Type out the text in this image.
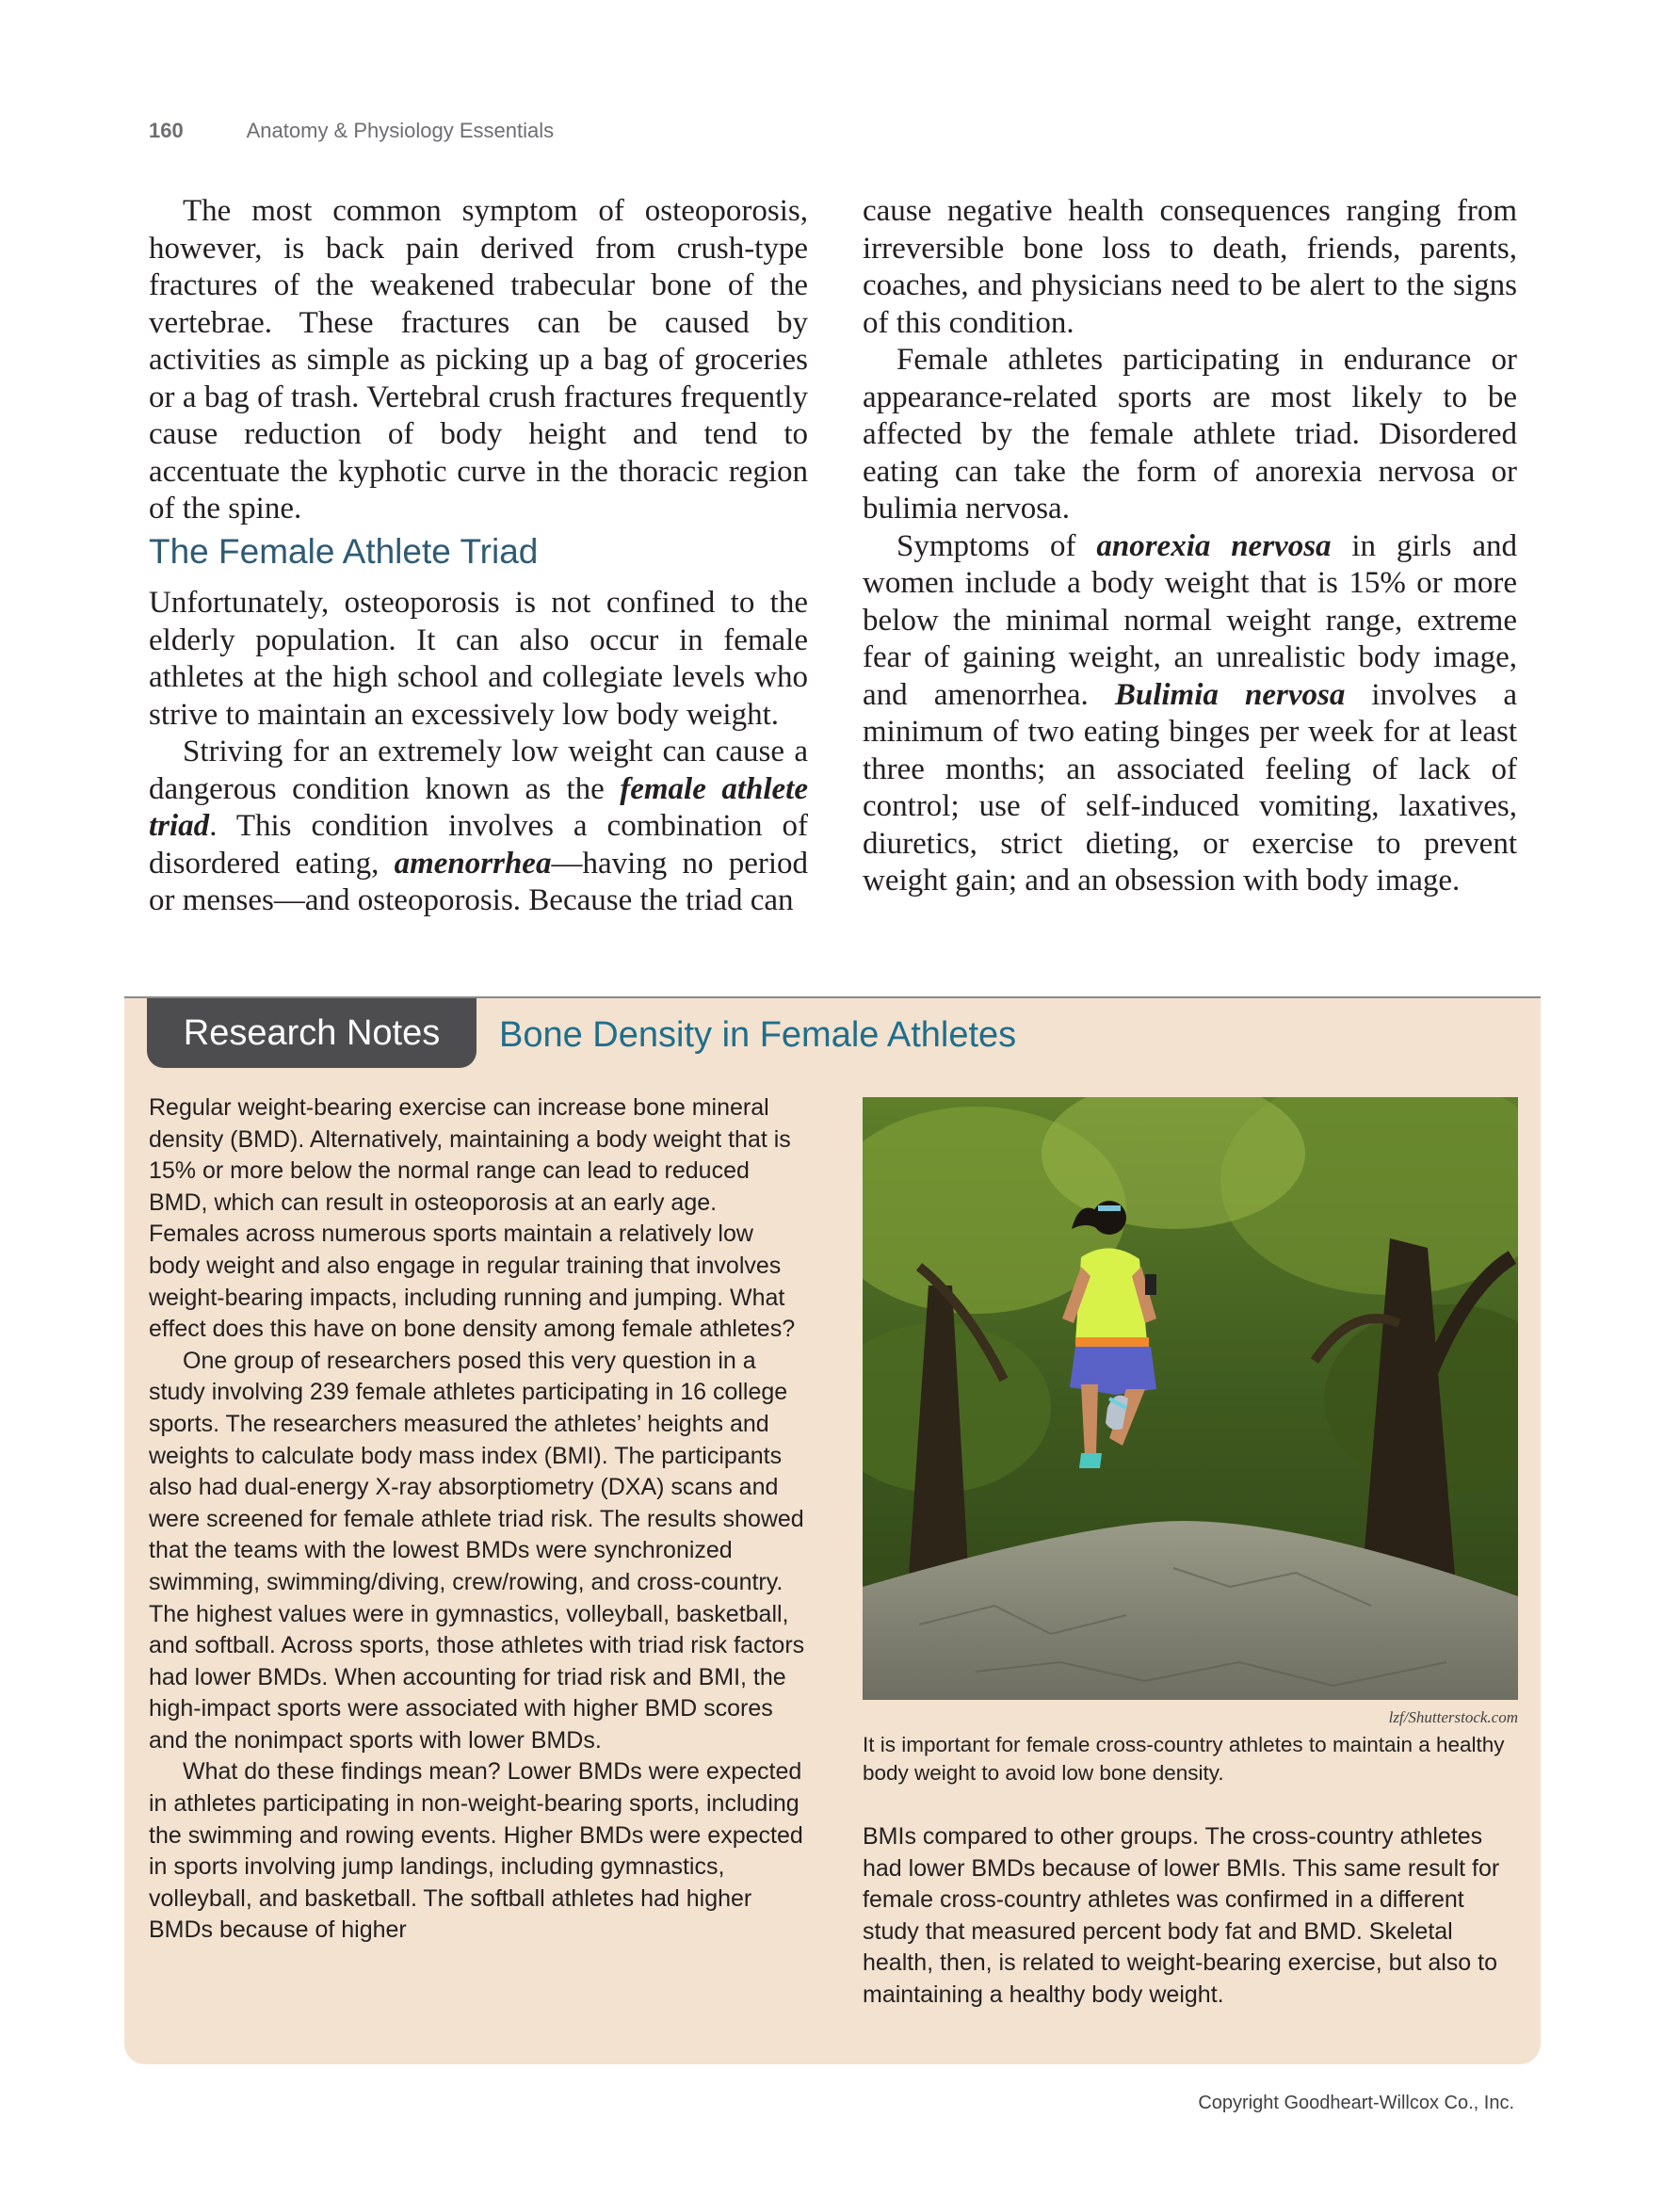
160	Anatomy & Physiology Essentials

The most common symptom of osteoporosis, however, is back pain derived from crush-type fractures of the weakened trabecular bone of the vertebrae. These fractures can be caused by activities as simple as picking up a bag of groceries or a bag of trash. Vertebral crush fractures frequently cause reduction of body height and tend to accentuate the kyphotic curve in the thoracic region of the spine.

The Female Athlete Triad

Unfortunately, osteoporosis is not confined to the elderly population. It can also occur in female athletes at the high school and collegiate levels who strive to maintain an excessively low body weight.

Striving for an extremely low weight can cause a dangerous condition known as the female athlete triad. This condition involves a combination of disordered eating, amenorrhea—having no period or menses—and osteoporosis. Because the triad can

cause negative health consequences ranging from irreversible bone loss to death, friends, parents, coaches, and physicians need to be alert to the signs of this condition.

Female athletes participating in endurance or appearance-related sports are most likely to be affected by the female athlete triad. Disordered eating can take the form of anorexia nervosa or bulimia nervosa.

Symptoms of anorexia nervosa in girls and women include a body weight that is 15% or more below the minimal normal weight range, extreme fear of gaining weight, an unrealistic body image, and amenorrhea. Bulimia nervosa involves a minimum of two eating binges per week for at least three months; an associated feeling of lack of control; use of self-induced vomiting, laxatives, diuretics, strict dieting, or exercise to prevent weight gain; and an obsession with body image.

Research Notes	Bone Density in Female Athletes

Regular weight-bearing exercise can increase bone mineral density (BMD). Alternatively, maintaining a body weight that is 15% or more below the normal range can lead to reduced BMD, which can result in osteoporosis at an early age. Females across numerous sports maintain a relatively low body weight and also engage in regular training that involves weight-bearing impacts, including running and jumping. What effect does this have on bone density among female athletes?

One group of researchers posed this very question in a study involving 239 female athletes participating in 16 college sports. The researchers measured the athletes’ heights and weights to calculate body mass index (BMI). The participants also had dual-energy X-ray absorptiometry (DXA) scans and were screened for female athlete triad risk. The results showed that the teams with the lowest BMDs were synchronized swimming, swimming/diving, crew/rowing, and cross-country. The highest values were in gymnastics, volleyball, basketball, and softball. Across sports, those athletes with triad risk factors had lower BMDs. When accounting for triad risk and BMI, the high-impact sports were associated with higher BMD scores and the nonimpact sports with lower BMDs.

What do these findings mean? Lower BMDs were expected in athletes participating in non-weight-bearing sports, including the swimming and rowing events. Higher BMDs were expected in sports involving jump landings, including gymnastics, volleyball, and basketball. The softball athletes had higher BMDs because of higher

lzf/Shutterstock.com
It is important for female cross-country athletes to maintain a healthy body weight to avoid low bone density.

BMIs compared to other groups. The cross-country athletes had lower BMDs because of lower BMIs. This same result for female cross-country athletes was confirmed in a different study that measured percent body fat and BMD. Skeletal health, then, is related to weight-bearing exercise, but also to maintaining a healthy body weight.

Copyright Goodheart-Willcox Co., Inc.
